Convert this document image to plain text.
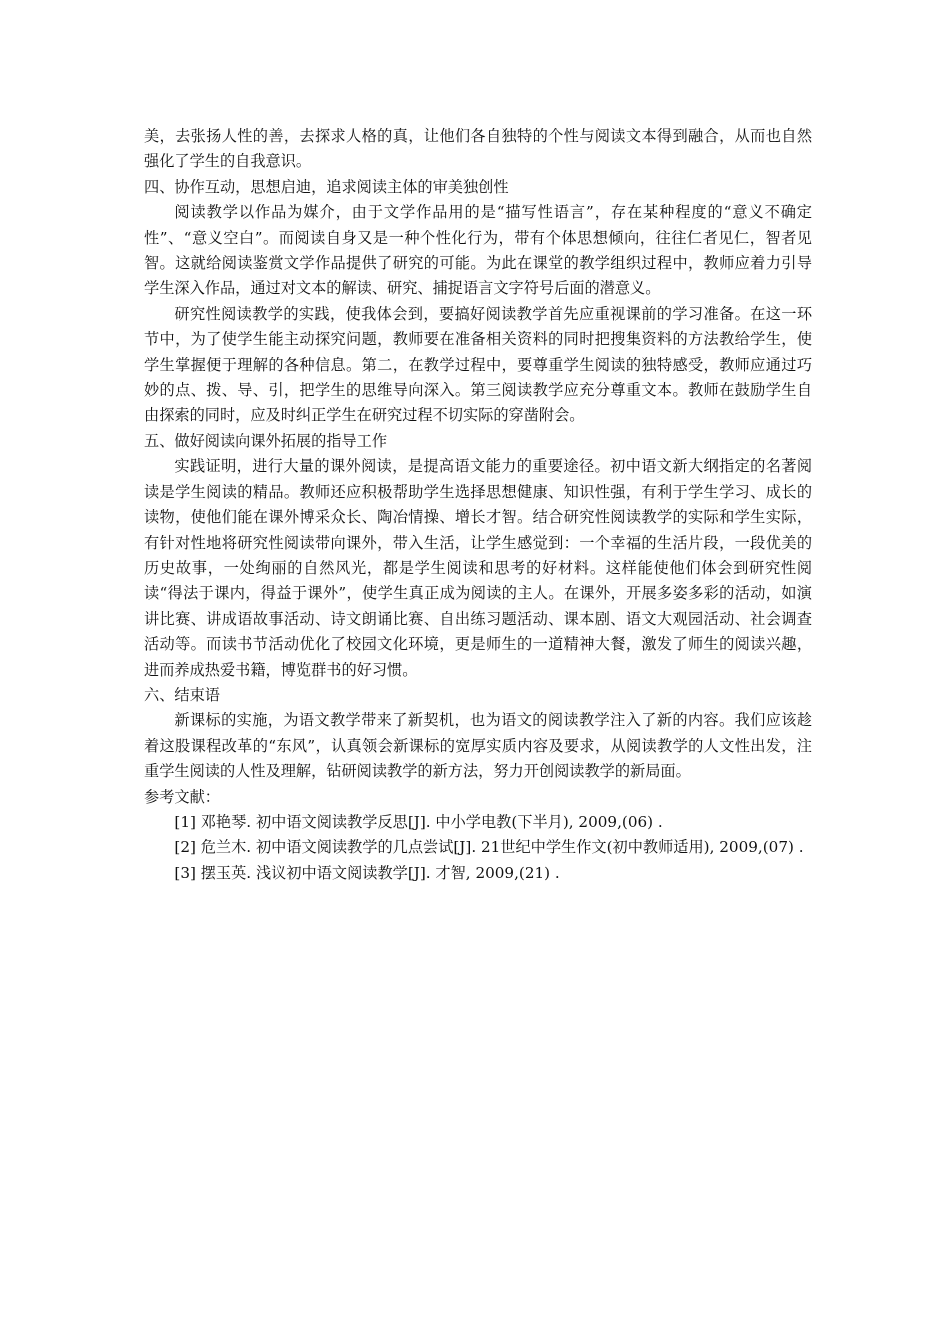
美，去张扬人性的善，去探求人格的真，让他们各自独特的个性与阅读文本得到融合，从而也自然强化了学生的自我意识。

四、协作互动，思想启迪，追求阅读主体的审美独创性

阅读教学以作品为媒介，由于文学作品用的是“描写性语言”，存在某种程度的“意义不确定性”、“意义空白”。而阅读自身又是一种个性化行为，带有个体思想倾向，往往仁者见仁，智者见智。这就给阅读鉴赏文学作品提供了研究的可能。为此在课堂的教学组织过程中，教师应着力引导学生深入作品，通过对文本的解读、研究、捕捉语言文字符号后面的潜意义。

研究性阅读教学的实践，使我体会到，要搞好阅读教学首先应重视课前的学习准备。在这一环节中，为了使学生能主动探究问题，教师要在准备相关资料的同时把搜集资料的方法教给学生，使学生掌握便于理解的各种信息。第二，在教学过程中，要尊重学生阅读的独特感受，教师应通过巧妙的点、拨、导、引，把学生的思维导向深入。第三阅读教学应充分尊重文本。教师在鼓励学生自由探索的同时，应及时纠正学生在研究过程不切实际的穿凿附会。

五、做好阅读向课外拓展的指导工作

实践证明，进行大量的课外阅读，是提高语文能力的重要途径。初中语文新大纲指定的名著阅读是学生阅读的精品。教师还应积极帮助学生选择思想健康、知识性强，有利于学生学习、成长的读物，使他们能在课外博采众长、陶冶情操、增长才智。结合研究性阅读教学的实际和学生实际，有针对性地将研究性阅读带向课外，带入生活，让学生感觉到：一个幸福的生活片段，一段优美的历史故事，一处绚丽的自然风光，都是学生阅读和思考的好材料。这样能使他们体会到研究性阅读“得法于课内，得益于课外”，使学生真正成为阅读的主人。在课外，开展多姿多彩的活动，如演讲比赛、讲成语故事活动、诗文朗诵比赛、自出练习题活动、课本剧、语文大观园活动、社会调查活动等。而读书节活动优化了校园文化环境，更是师生的一道精神大餐，激发了师生的阅读兴趣，进而养成热爱书籍，博览群书的好习惯。

六、结束语

新课标的实施，为语文教学带来了新契机，也为语文的阅读教学注入了新的内容。我们应该趁着这股课程改革的“东风”，认真领会新课标的宽厚实质内容及要求，从阅读教学的人文性出发，注重学生阅读的人性及理解，钻研阅读教学的新方法，努力开创阅读教学的新局面。

参考文献：

[1] 邓艳琴. 初中语文阅读教学反思[J]. 中小学电教(下半月), 2009,(06) .

[2] 危兰木. 初中语文阅读教学的几点尝试[J]. 21世纪中学生作文(初中教师适用), 2009,(07) .

[3] 摆玉英. 浅议初中语文阅读教学[J]. 才智, 2009,(21) .
